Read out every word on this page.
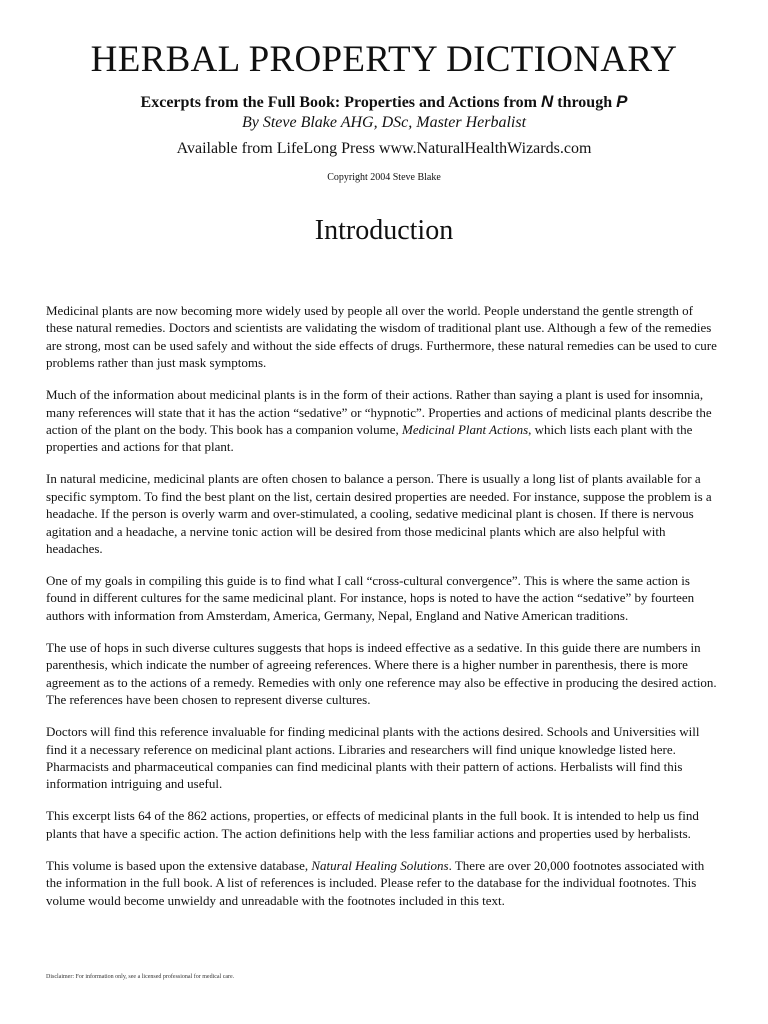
HERBAL PROPERTY DICTIONARY
Excerpts from the Full Book: Properties and Actions from N through P
By Steve Blake AHG, DSc, Master Herbalist
Available from LifeLong Press www.NaturalHealthWizards.com
Copyright 2004 Steve Blake
Introduction

Medicinal plants are now becoming more widely used by people all over the world. People understand the gentle strength of these natural remedies. Doctors and scientists are validating the wisdom of traditional plant use. Although a few of the remedies are strong, most can be used safely and without the side effects of drugs. Furthermore, these natural remedies can be used to cure problems rather than just mask symptoms.

Much of the information about medicinal plants is in the form of their actions. Rather than saying a plant is used for insomnia, many references will state that it has the action “sedative” or “hypnotic”. Properties and actions of medicinal plants describe the action of the plant on the body. This book has a companion volume, Medicinal Plant Actions, which lists each plant with the properties and actions for that plant.

In natural medicine, medicinal plants are often chosen to balance a person. There is usually a long list of plants available for a specific symptom. To find the best plant on the list, certain desired properties are needed. For instance, suppose the problem is a headache. If the person is overly warm and over-stimulated, a cooling, sedative medicinal plant is chosen. If there is nervous agitation and a headache, a nervine tonic action will be desired from those medicinal plants which are also helpful with headaches.

One of my goals in compiling this guide is to find what I call “cross-cultural convergence”. This is where the same action is found in different cultures for the same medicinal plant. For instance, hops is noted to have the action “sedative” by fourteen authors with information from Amsterdam, America, Germany, Nepal, England and Native American traditions.

The use of hops in such diverse cultures suggests that hops is indeed effective as a sedative. In this guide there are numbers in parenthesis, which indicate the number of agreeing references. Where there is a higher number in parenthesis, there is more agreement as to the actions of a remedy. Remedies with only one reference may also be effective in producing the desired action. The references have been chosen to represent diverse cultures.

Doctors will find this reference invaluable for finding medicinal plants with the actions desired. Schools and Universities will find it a necessary reference on medicinal plant actions. Libraries and researchers will find unique knowledge listed here. Pharmacists and pharmaceutical companies can find medicinal plants with their pattern of actions. Herbalists will find this information intriguing and useful.

This excerpt lists 64 of the 862 actions, properties, or effects of medicinal plants in the full book. It is intended to help us find plants that have a specific action. The action definitions help with the less familiar actions and properties used by herbalists.

This volume is based upon the extensive database, Natural Healing Solutions. There are over 20,000 footnotes associated with the information in the full book. A list of references is included. Please refer to the database for the individual footnotes. This volume would become unwieldy and unreadable with the footnotes included in this text.

Disclaimer: For information only, see a licensed professional for medical care.
